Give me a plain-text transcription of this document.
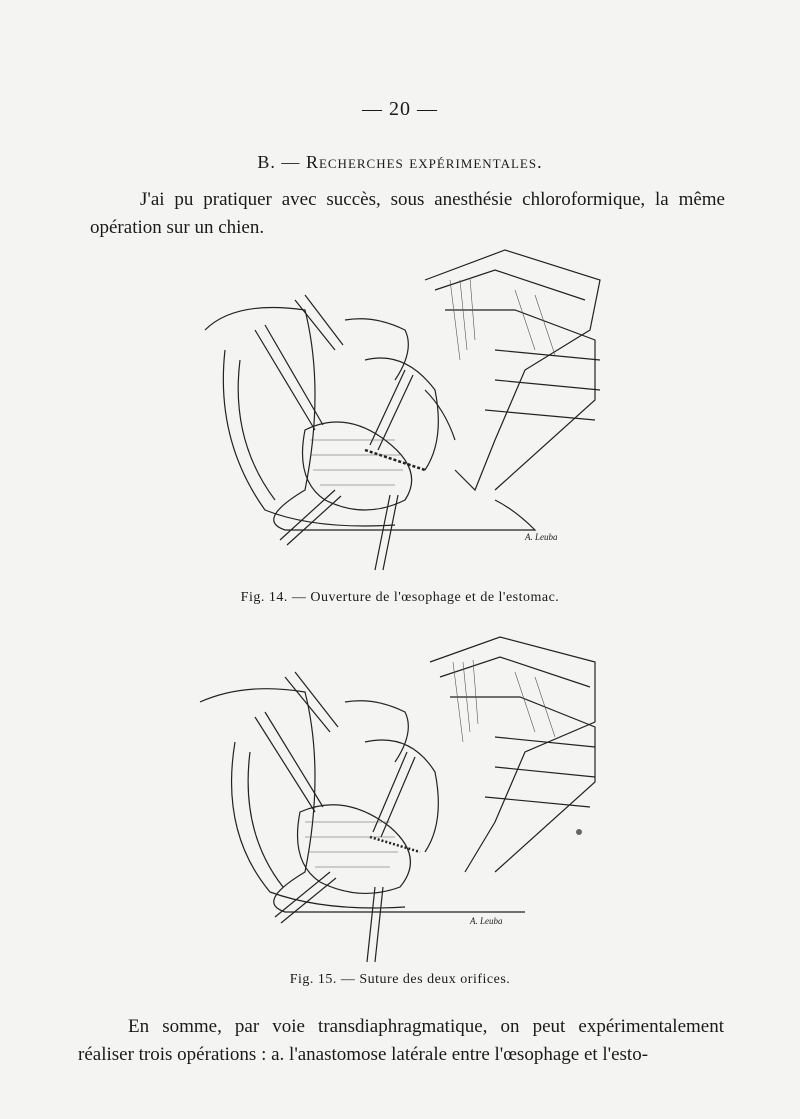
— 20 —
B. — Recherches expérimentales.

J'ai pu pratiquer avec succès, sous anesthésie chloroformique, la même opération sur un chien.

A. Leuba
Fig. 14. — Ouverture de l'œsophage et de l'estomac.
A. Leuba
Fig. 15. — Suture des deux orifices.

En somme, par voie transdiaphragmatique, on peut expérimentalement réaliser trois opérations : a. l'anastomose latérale entre l'œsophage et l'esto-
